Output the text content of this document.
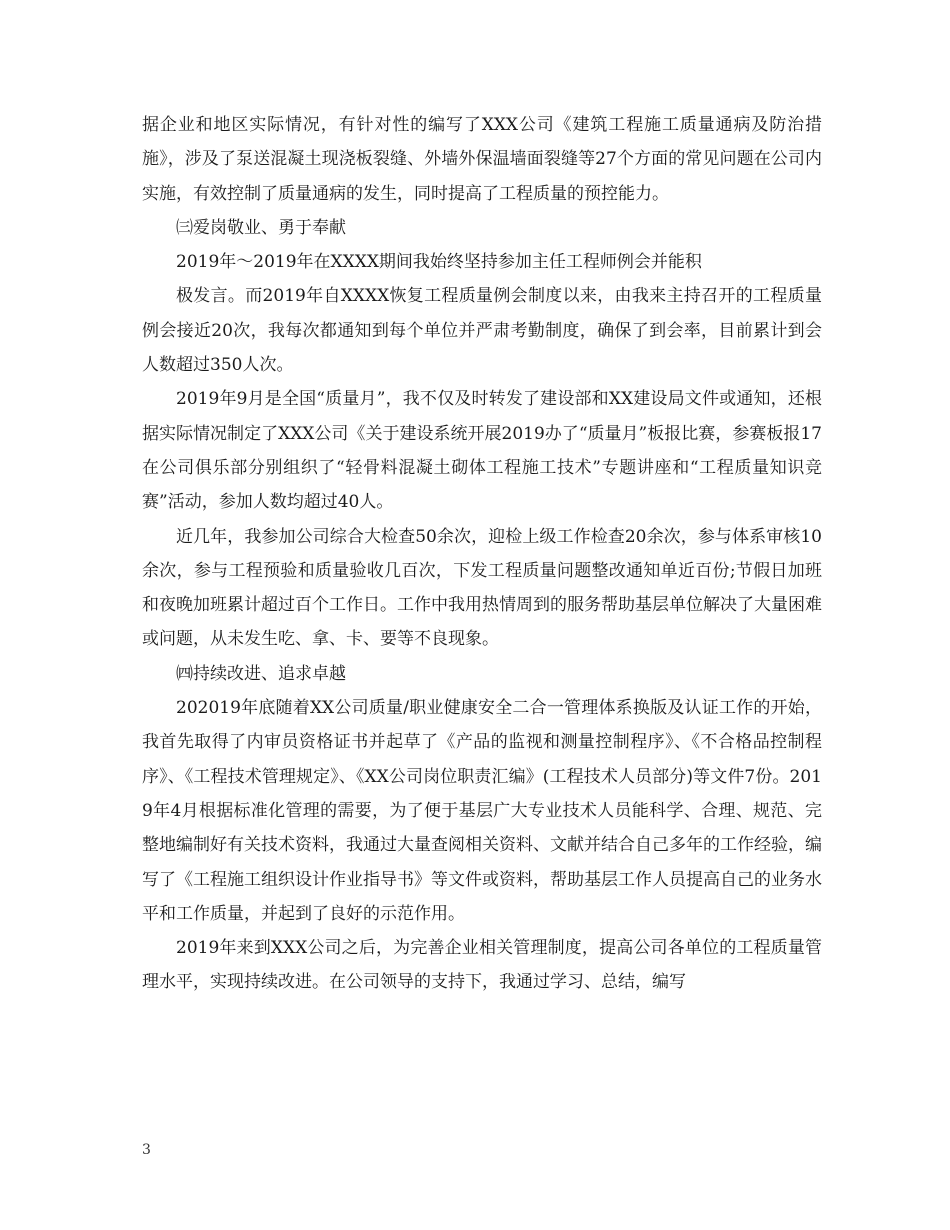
据企业和地区实际情况，有针对性的编写了XXX公司《建筑工程施工质量通病及防治措施》，涉及了泵送混凝土现浇板裂缝、外墙外保温墙面裂缝等27个方面的常见问题在公司内实施，有效控制了质量通病的发生，同时提高了工程质量的预控能力。

㈢爱岗敬业、勇于奉献

2019年～2019年在XXXX期间我始终坚持参加主任工程师例会并能积

极发言。而2019年自XXXX恢复工程质量例会制度以来，由我来主持召开的工程质量例会接近20次，我每次都通知到每个单位并严肃考勤制度，确保了到会率，目前累计到会人数超过350人次。

2019年9月是全国“质量月”，我不仅及时转发了建设部和XX建设局文件或通知，还根据实际情况制定了XXX公司《关于建设系统开展2019办了“质量月”板报比赛，参赛板报17在公司俱乐部分别组织了“轻骨料混凝土砌体工程施工技术”专题讲座和“工程质量知识竞赛”活动，参加人数均超过40人。

近几年，我参加公司综合大检查50余次，迎检上级工作检查20余次，参与体系审核10余次，参与工程预验和质量验收几百次，下发工程质量问题整改通知单近百份;节假日加班和夜晚加班累计超过百个工作日。工作中我用热情周到的服务帮助基层单位解决了大量困难或问题，从未发生吃、拿、卡、要等不良现象。

㈣持续改进、追求卓越

202019年底随着XX公司质量/职业健康安全二合一管理体系换版及认证工作的开始，我首先取得了内审员资格证书并起草了《产品的监视和测量控制程序》、《不合格品控制程序》、《工程技术管理规定》、《XX公司岗位职责汇编》(工程技术人员部分)等文件7份。2019年4月根据标准化管理的需要，为了便于基层广大专业技术人员能科学、合理、规范、完整地编制好有关技术资料，我通过大量查阅相关资料、文献并结合自己多年的工作经验，编写了《工程施工组织设计作业指导书》等文件或资料，帮助基层工作人员提高自己的业务水平和工作质量，并起到了良好的示范作用。

2019年来到XXX公司之后，为完善企业相关管理制度，提高公司各单位的工程质量管理水平，实现持续改进。在公司领导的支持下，我通过学习、总结，编写

3
